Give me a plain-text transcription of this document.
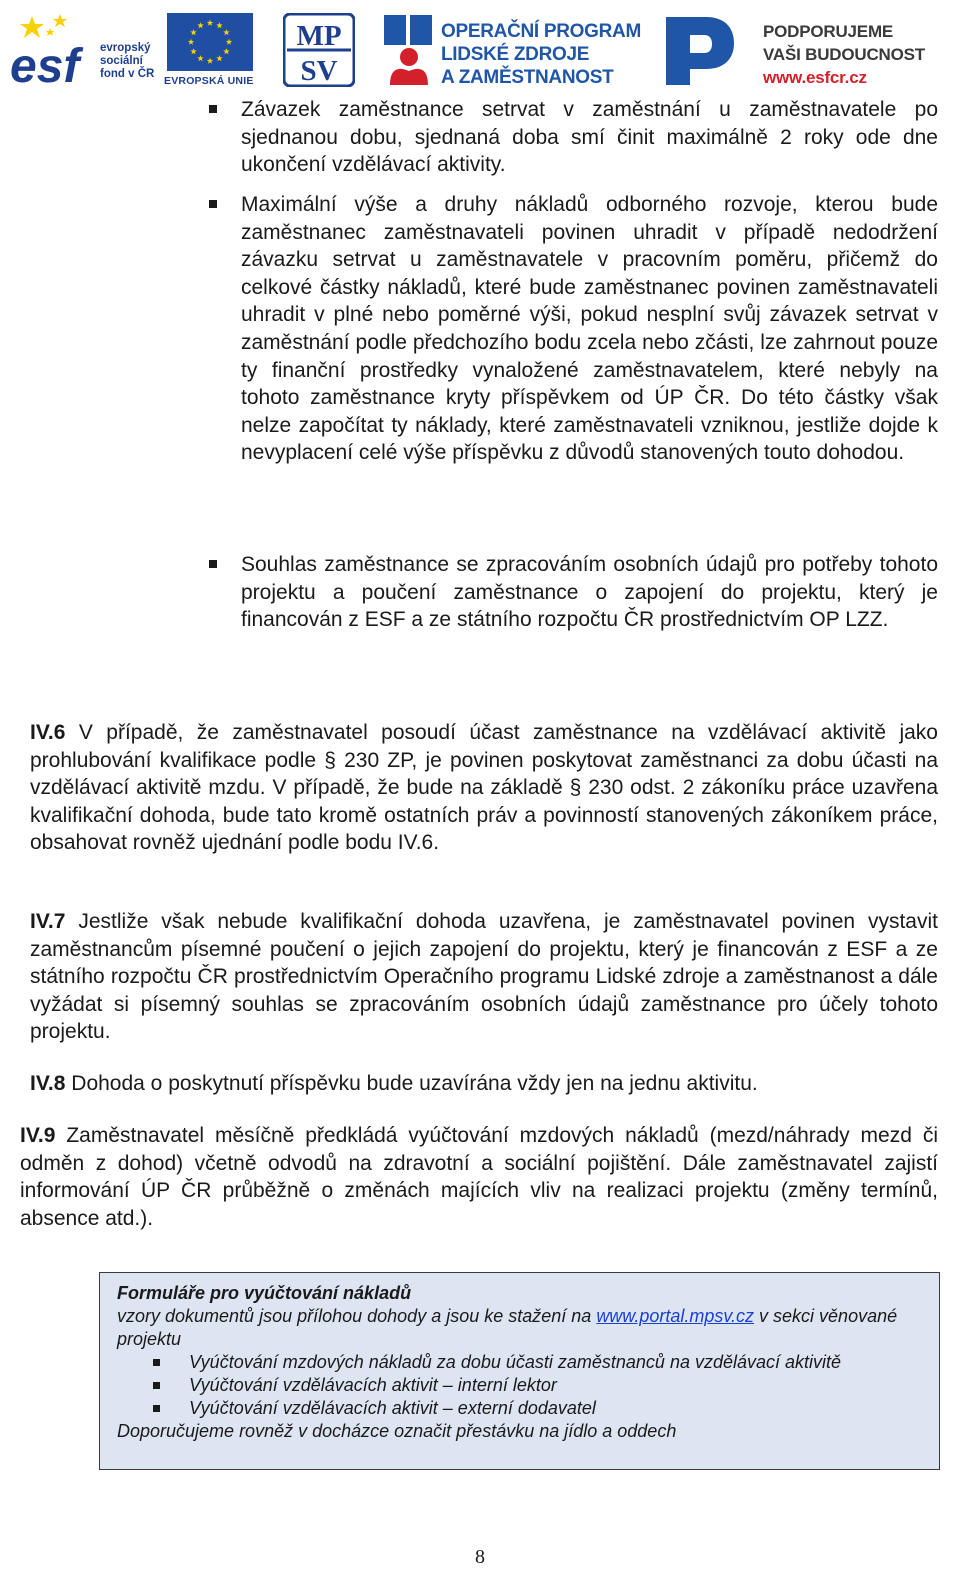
esf	evropský
sociální
fond v ČR
EVROPSKÁ UNIE
MP
SV
OPERAČNÍ PROGRAM
LIDSKÉ ZDROJE
A ZAMĚSTNANOST
PODPORUJEME
VAŠI BUDOUCNOST
www.esfcr.cz
Závazek zaměstnance setrvat v zaměstnání u zaměstnavatele po sjednanou dobu, sjednaná doba smí činit maximálně 2 roky ode dne ukončení vzdělávací aktivity.
Maximální výše a druhy nákladů odborného rozvoje, kterou bude zaměstnanec zaměstnavateli povinen uhradit v případě nedodržení závazku setrvat u zaměstnavatele v pracovním poměru, přičemž do celkové částky nákladů, které bude zaměstnanec povinen zaměstnavateli uhradit v plné nebo poměrné výši, pokud nesplní svůj závazek setrvat v zaměstnání podle předchozího bodu zcela nebo zčásti, lze zahrnout pouze ty finanční prostředky vynaložené zaměstnavatelem, které nebyly na tohoto zaměstnance kryty příspěvkem od ÚP ČR. Do této částky však nelze započítat ty náklady, které zaměstnavateli vzniknou, jestliže dojde k nevyplacení celé výše příspěvku z důvodů stanovených touto dohodou.
Souhlas zaměstnance se zpracováním osobních údajů pro potřeby tohoto projektu a poučení zaměstnance o zapojení do projektu, který je financován z ESF a ze státního rozpočtu ČR prostřednictvím OP LZZ.
IV.6 V případě, že zaměstnavatel posoudí účast zaměstnance na vzdělávací aktivitě jako prohlubování kvalifikace podle § 230 ZP, je povinen poskytovat zaměstnanci za dobu účasti na vzdělávací aktivitě mzdu. V případě, že bude na základě § 230 odst. 2 zákoníku práce uzavřena kvalifikační dohoda, bude tato kromě ostatních práv a povinností stanovených zákoníkem práce, obsahovat rovněž ujednání podle bodu IV.6.
IV.7 Jestliže však nebude kvalifikační dohoda uzavřena, je zaměstnavatel povinen vystavit zaměstnancům písemné poučení o jejich zapojení do projektu, který je financován z ESF a ze státního rozpočtu ČR prostřednictvím Operačního programu Lidské zdroje a zaměstnanost a dále vyžádat si písemný souhlas se zpracováním osobních údajů zaměstnance pro účely tohoto projektu.
IV.8 Dohoda o poskytnutí příspěvku bude uzavírána vždy jen na jednu aktivitu.
IV.9 Zaměstnavatel měsíčně předkládá vyúčtování mzdových nákladů (mezd/náhrady mezd či odměn z dohod) včetně odvodů na zdravotní a sociální pojištění. Dále zaměstnavatel zajistí informování ÚP ČR průběžně o změnách majících vliv na realizaci projektu (změny termínů, absence atd.).
Formuláře pro vyúčtování nákladů
vzory dokumentů jsou přílohou dohody a jsou ke stažení na www.portal.mpsv.cz v sekci věnované projektu
Vyúčtování mzdových nákladů za dobu účasti zaměstnanců na vzdělávací aktivitě
Vyúčtování vzdělávacích aktivit – interní lektor
Vyúčtování vzdělávacích aktivit – externí dodavatel
Doporučujeme rovněž v docházce označit přestávku na jídlo a oddech
8
